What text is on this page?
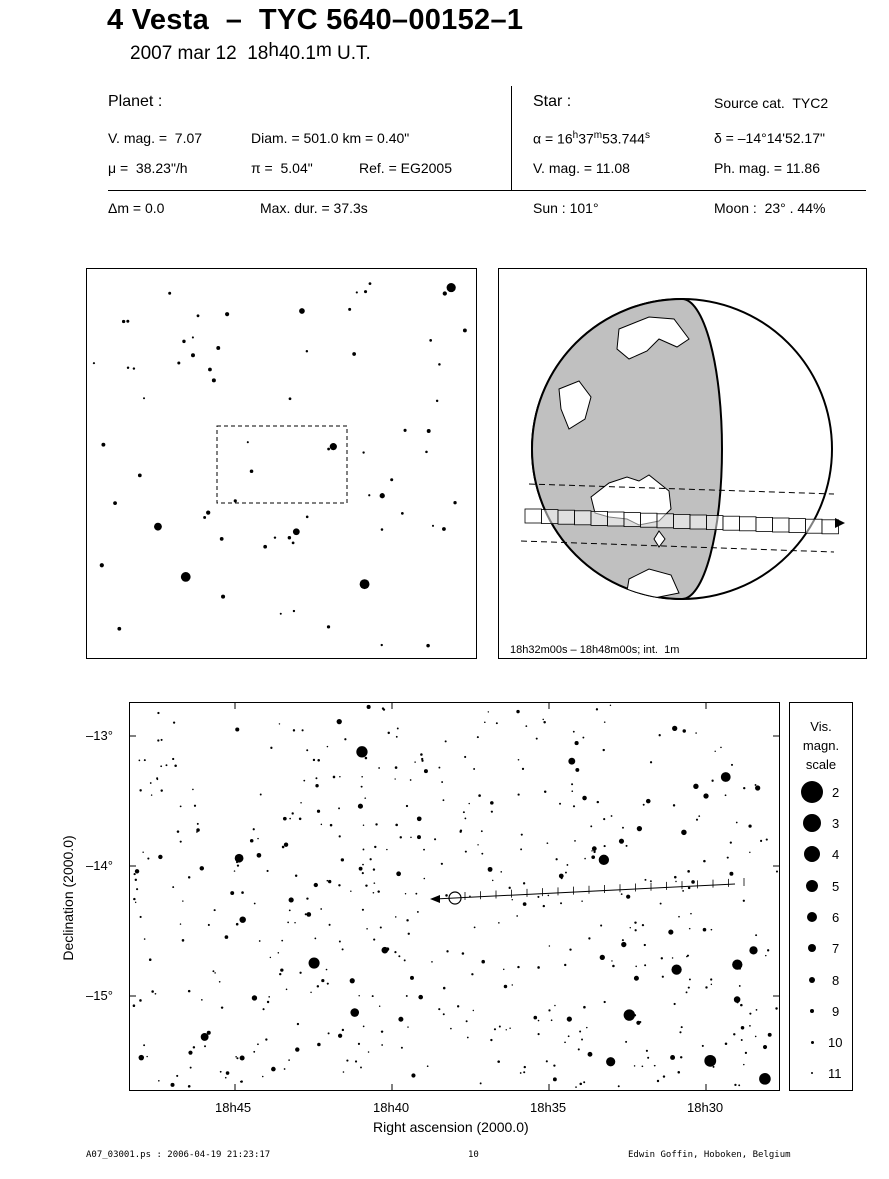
4 Vesta  –  TYC 5640–00152–1
2007 mar 12  18$^h$40.1$^m$ U.T.
Planet :
V. mag. =  7.07	Diam. = 501.0 km = 0.40"
μ =  38.23"/h	π =  5.04"	Ref. = EG2005
Star :	Source cat.  TYC2
$\alpha = 16^h37^m53.744^s$	δ = –14°14'52.17"
V. mag. = 11.08	Ph. mag. = 11.86
Δm = 0.0	Max. dur. = 37.3s	Sun : 101°	Moon :  23° . 44%
18h32m00s – 18h48m00s; int.  1m
–13°
–14°
–15°
18h45	18h40	18h35	18h30
Right ascension (2000.0)
Declination (2000.0)
Vis.
magn.
scale
2
3
4
5
6
7
8
9
10
11
A07_03001.ps : 2006-04-19 21:23:17	10	Edwin Goffin, Hoboken, Belgium
